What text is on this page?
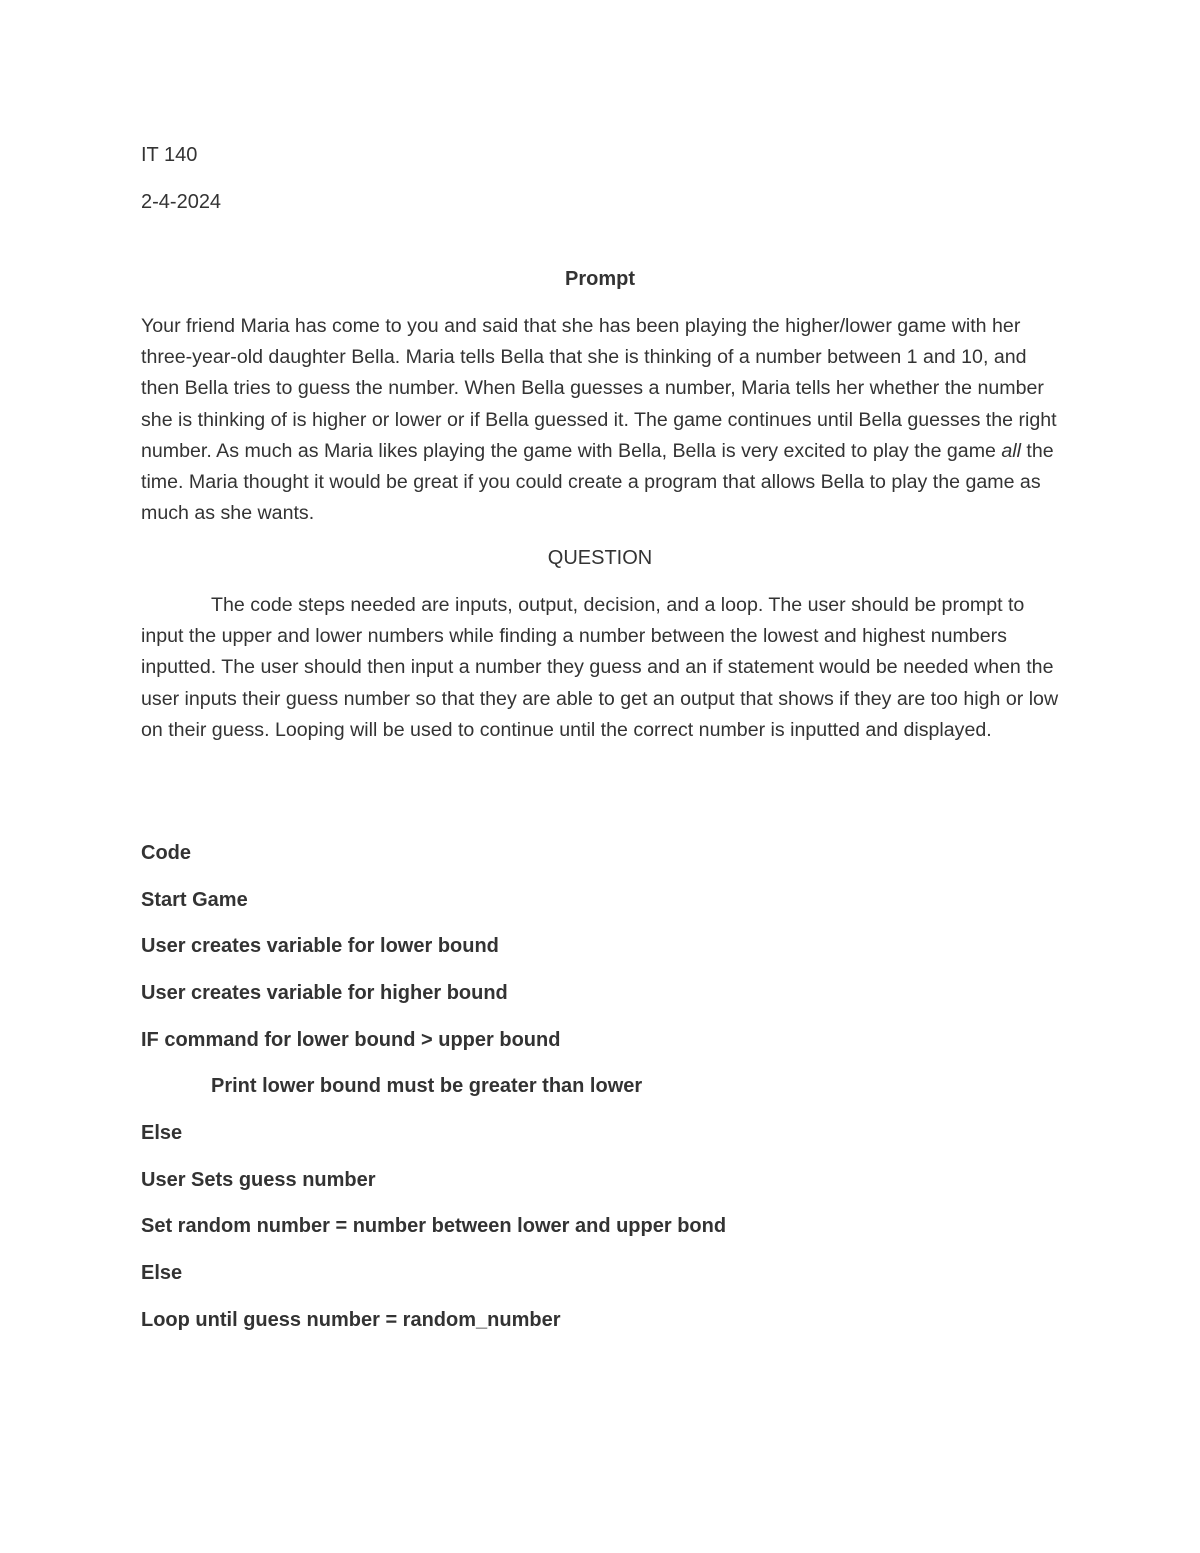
IT 140
2-4-2024
Prompt

Your friend Maria has come to you and said that she has been playing the higher/lower game with her three-year-old daughter Bella. Maria tells Bella that she is thinking of a number between 1 and 10, and then Bella tries to guess the number. When Bella guesses a number, Maria tells her whether the number she is thinking of is higher or lower or if Bella guessed it. The game continues until Bella guesses the right number. As much as Maria likes playing the game with Bella, Bella is very excited to play the game all the time. Maria thought it would be great if you could create a program that allows Bella to play the game as much as she wants.

QUESTION

The code steps needed are inputs, output, decision, and a loop. The user should be prompt to input the upper and lower numbers while finding a number between the lowest and highest numbers inputted. The user should then input a number they guess and an if statement would be needed when the user inputs their guess number so that they are able to get an output that shows if they are too high or low on their guess. Looping will be used to continue until the correct number is inputted and displayed.

Code
Start Game
User creates variable for lower bound
User creates variable for higher bound
IF command for lower bound > upper bound
Print lower bound must be greater than lower
Else
User Sets guess number
Set random number = number between lower and upper bond
Else
Loop until guess number = random_number
